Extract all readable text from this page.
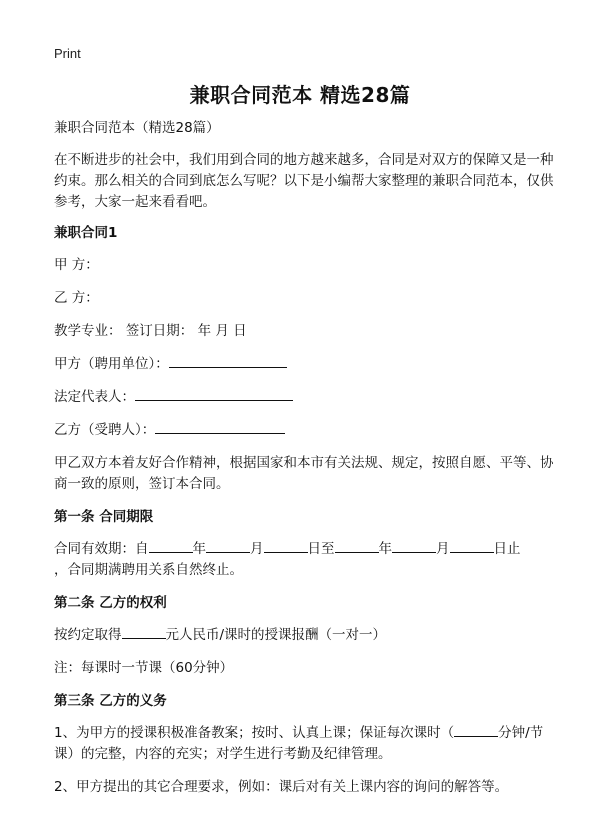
Print
兼职合同范本 精选28篇

兼职合同范本（精选28篇）

在不断进步的社会中，我们用到合同的地方越来越多，合同是对双方的保障又是一种约束。那么相关的合同到底怎么写呢？以下是小编帮大家整理的兼职合同范本，仅供参考，大家一起来看看吧。

兼职合同1

甲 方：

乙 方：

教学专业： 签订日期： 年 月 日

甲方（聘用单位）：

法定代表人：

乙方（受聘人）：

甲乙双方本着友好合作精神，根据国家和本市有关法规、规定，按照自愿、平等、协商一致的原则，签订本合同。

第一条 合同期限

合同有效期：自	年	月	日至	年	月	日止
，合同期满聘用关系自然终止。

第二条 乙方的权利

按约定取得	元人民币/课时的授课报酬（一对一）

注：每课时一节课（60分钟）

第三条 乙方的义务

1、为甲方的授课积极准备教案；按时、认真上课；保证每次课时（	分钟/节课）的完整，内容的充实；对学生进行考勤及纪律管理。

2、甲方提出的其它合理要求，例如：课后对有关上课内容的询问的解答等。
